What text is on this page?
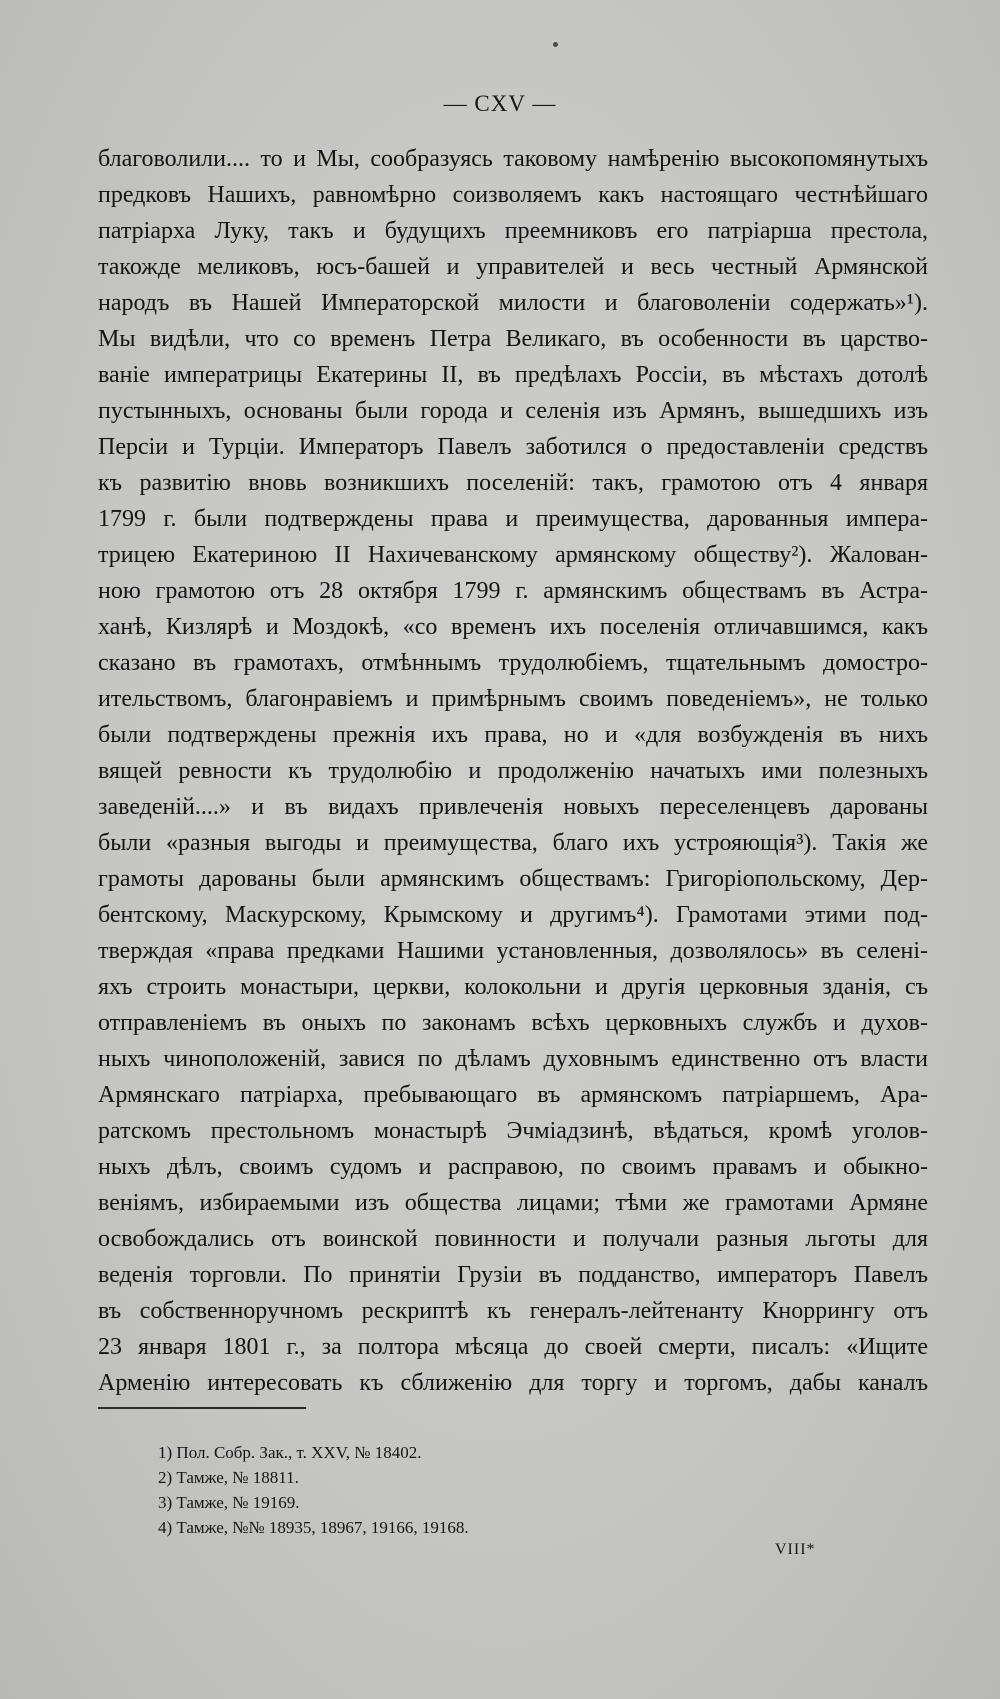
— CXV —
благоволили.... то и Мы, сообразуясь таковому намѣренію высокопомянутыхъ
предковъ Нашихъ, равномѣрно соизволяемъ какъ настоящаго честнѣйшаго
патріарха Луку, такъ и будущихъ преемниковъ его патріарша престола,
такожде меликовъ, юсъ-башей и управителей и весь честный Армянской
народъ въ Нашей Императорской милости и благоволеніи содержать»¹).
Мы видѣли, что со временъ Петра Великаго, въ особенности въ царство-
ваніе императрицы Екатерины II, въ предѣлахъ Россіи, въ мѣстахъ дотолѣ
пустынныхъ, основаны были города и селенія изъ Армянъ, вышедшихъ изъ
Персіи и Турціи. Императоръ Павелъ заботился о предоставленіи средствъ
къ развитію вновь возникшихъ поселеній: такъ, грамотою отъ 4 января
1799 г. были подтверждены права и преимущества, дарованныя импера-
трицею Екатериною II Нахичеванскому армянскому обществу²). Жалован-
ною грамотою отъ 28 октября 1799 г. армянскимъ обществамъ въ Астра-
ханѣ, Кизлярѣ и Моздокѣ, «со временъ ихъ поселенія отличавшимся, какъ
сказано въ грамотахъ, отмѣннымъ трудолюбіемъ, тщательнымъ домостро-
ительствомъ, благонравіемъ и примѣрнымъ своимъ поведеніемъ», не только
были подтверждены прежнія ихъ права, но и «для возбужденія въ нихъ
вящей ревности къ трудолюбію и продолженію начатыхъ ими полезныхъ
заведеній....» и въ видахъ привлеченія новыхъ переселенцевъ дарованы
были «разныя выгоды и преимущества, благо ихъ устрояющія³). Такія же
грамоты дарованы были армянскимъ обществамъ: Григоріопольскому, Дер-
бентскому, Маскурскому, Крымскому и другимъ⁴). Грамотами этими под-
тверждая «права предками Нашими установленныя, дозволялось» въ селені-
яхъ строить монастыри, церкви, колокольни и другія церковныя зданія, съ
отправленіемъ въ оныхъ по законамъ всѣхъ церковныхъ службъ и духов-
ныхъ чиноположеній, завися по дѣламъ духовнымъ единственно отъ власти
Армянскаго патріарха, пребывающаго въ армянскомъ патріаршемъ, Ара-
ратскомъ престольномъ монастырѣ Эчміадзинѣ, вѣдаться, кромѣ уголов-
ныхъ дѣлъ, своимъ судомъ и расправою, по своимъ правамъ и обыкно-
веніямъ, избираемыми изъ общества лицами; тѣми же грамотами Армяне
освобождались отъ воинской повинности и получали разныя льготы для
веденія торговли. По принятіи Грузіи въ подданство, императоръ Павелъ
въ собственноручномъ рескриптѣ къ генералъ-лейтенанту Кноррингу отъ
23 января 1801 г., за полтора мѣсяца до своей смерти, писалъ: «Ищите
Арменію интересовать къ сближенію для торгу и торгомъ, дабы каналъ
1) Пол. Собр. Зак., т. XXV, № 18402.
2) Тамже, № 18811.
3) Тамже, № 19169.
4) Тамже, №№ 18935, 18967, 19166, 19168.
VIII*
